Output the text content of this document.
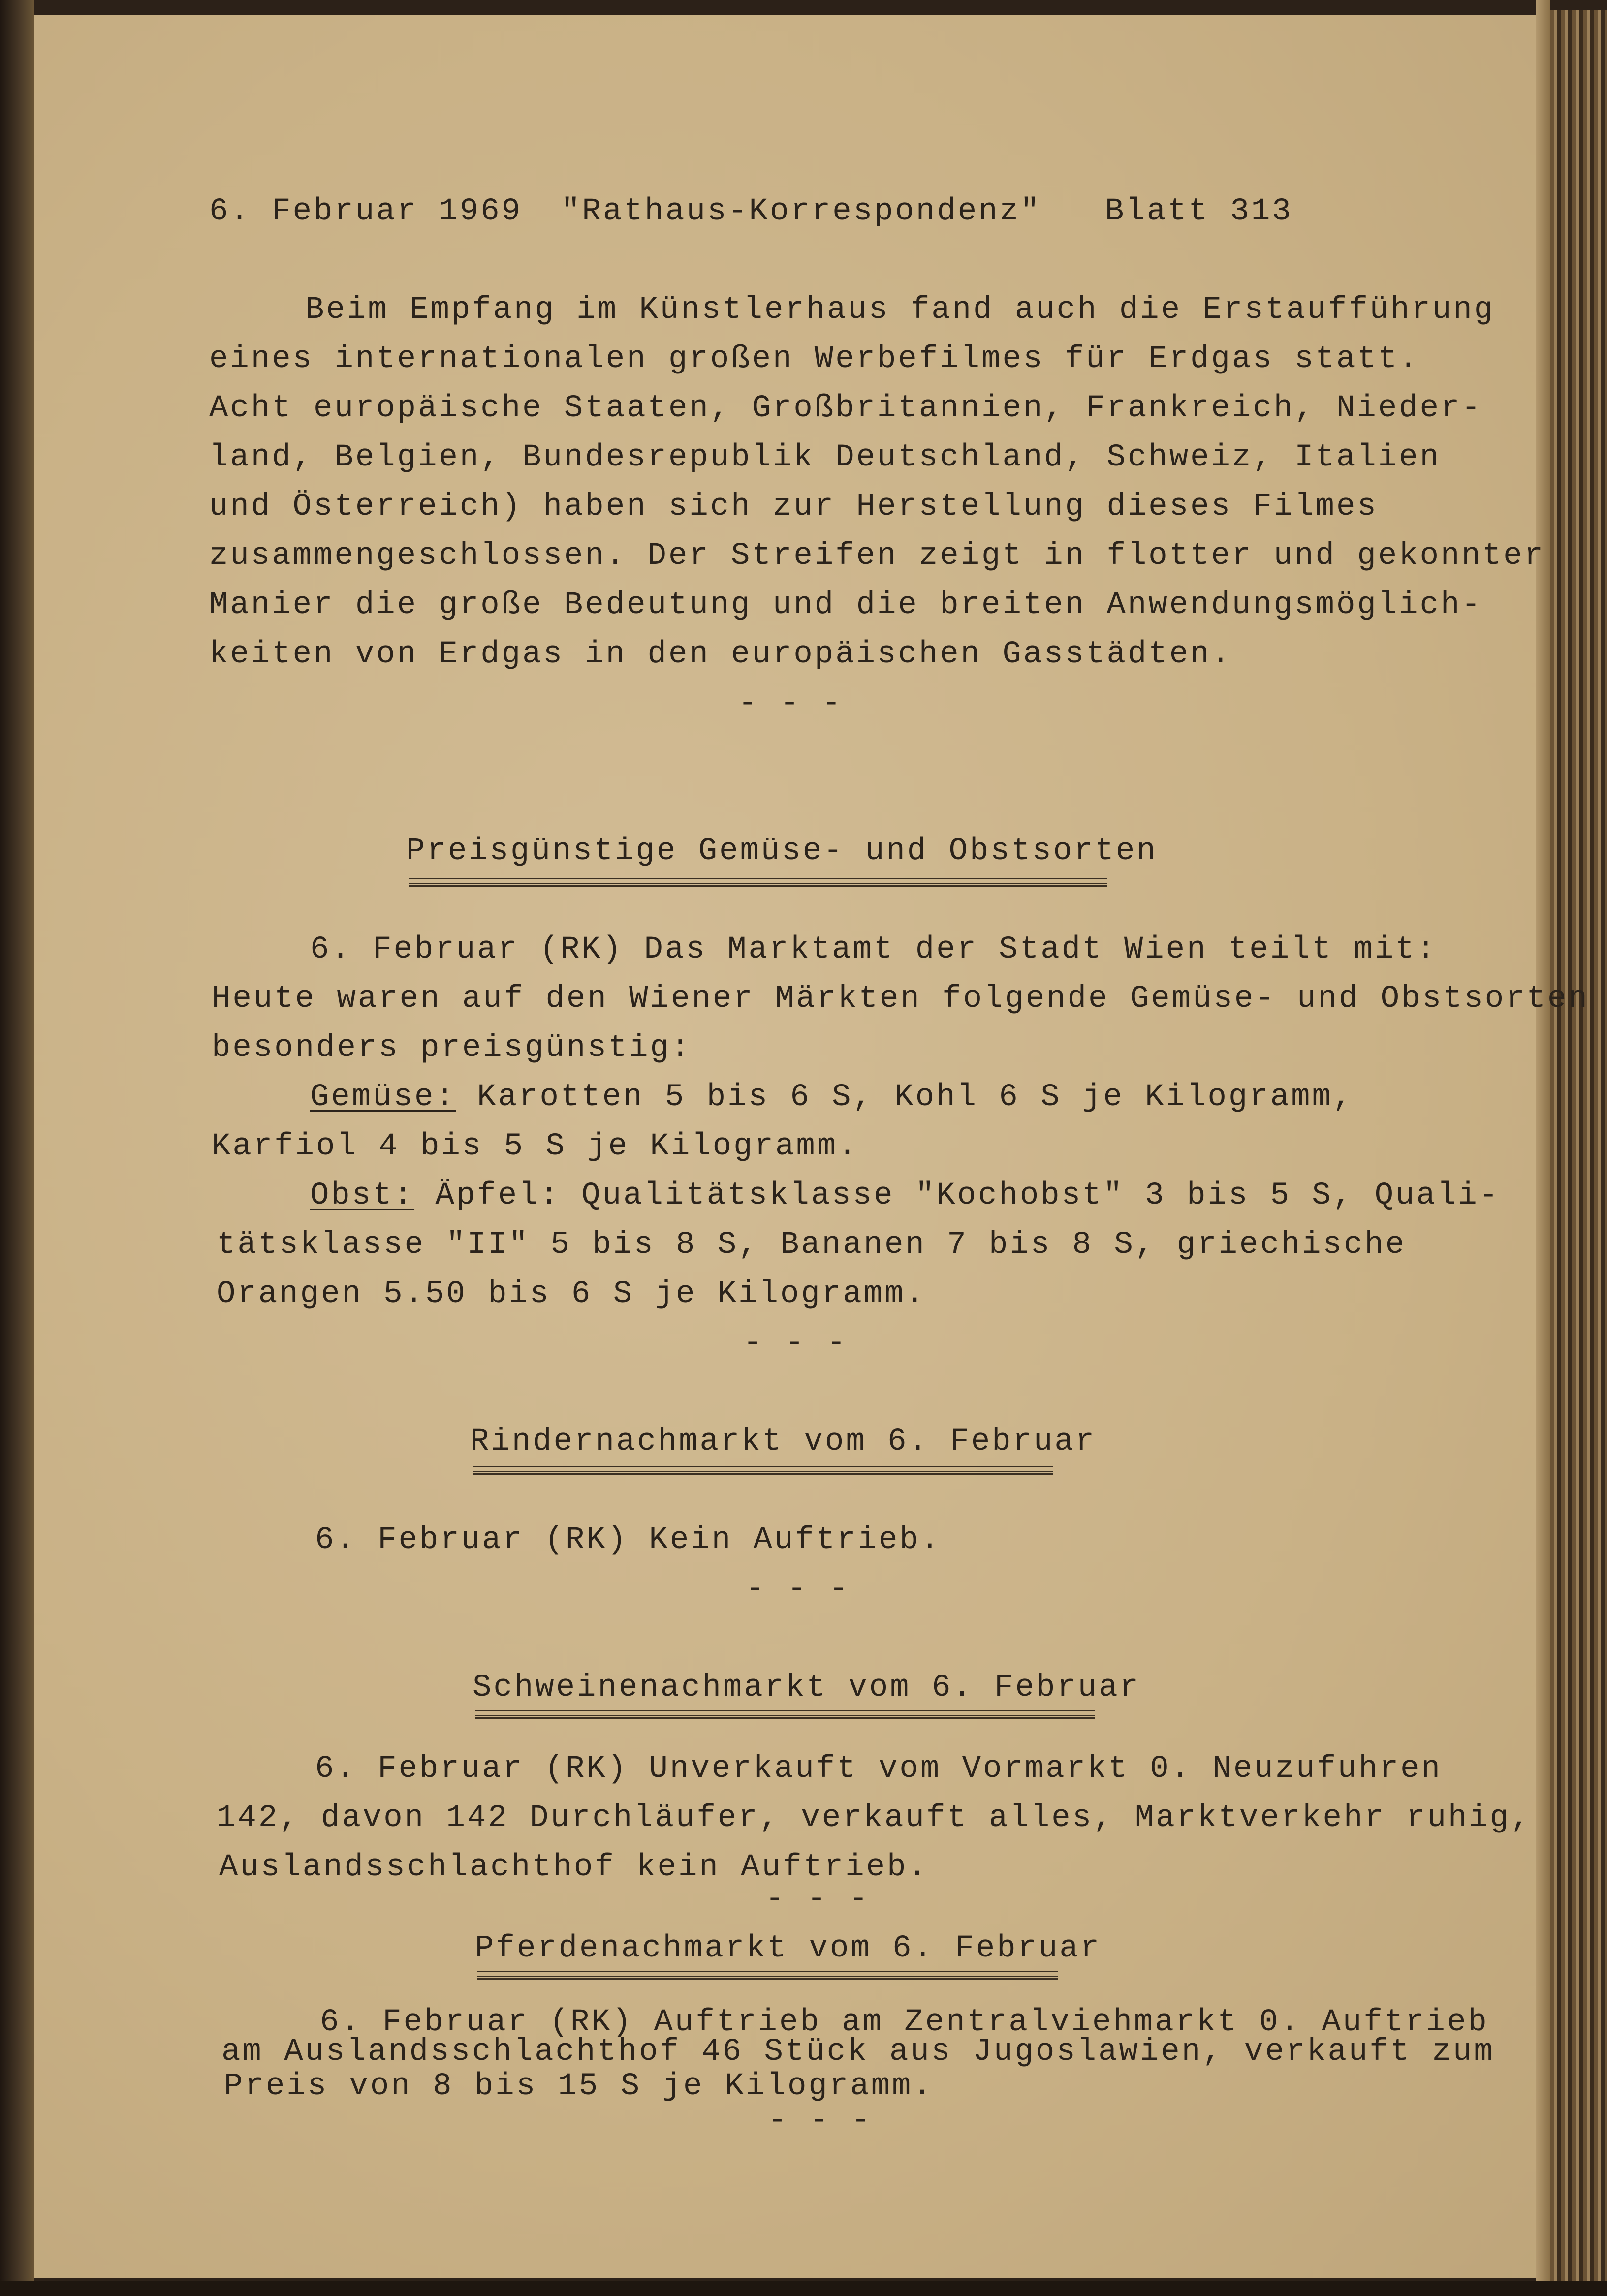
6. Februar 1969 "Rathaus-Korrespondenz" Blatt 313
Beim Empfang im Künstlerhaus fand auch die Erstaufführung
eines internationalen großen Werbefilmes für Erdgas statt.
Acht europäische Staaten, Großbritannien, Frankreich, Nieder-
land, Belgien, Bundesrepublik Deutschland, Schweiz, Italien
und Österreich) haben sich zur Herstellung dieses Filmes
zusammengeschlossen. Der Streifen zeigt in flotter und gekonnter
Manier die große Bedeutung und die breiten Anwendungsmöglich-
keiten von Erdgas in den europäischen Gasstädten.
- - -
Preisgünstige Gemüse- und Obstsorten
6. Februar (RK) Das Marktamt der Stadt Wien teilt mit:
Heute waren auf den Wiener Märkten folgende Gemüse- und Obstsorten
besonders preisgünstig:
Gemüse: Karotten 5 bis 6 S, Kohl 6 S je Kilogramm,
Karfiol 4 bis 5 S je Kilogramm.
Obst: Äpfel: Qualitätsklasse "Kochobst" 3 bis 5 S, Quali-
tätsklasse "II" 5 bis 8 S, Bananen 7 bis 8 S, griechische
Orangen 5.50 bis 6 S je Kilogramm.
- - -
Rindernachmarkt vom 6. Februar
6. Februar (RK) Kein Auftrieb.
- - -
Schweinenachmarkt vom 6. Februar
6. Februar (RK) Unverkauft vom Vormarkt 0. Neuzufuhren
142, davon 142 Durchläufer, verkauft alles, Marktverkehr ruhig,
Auslandsschlachthof kein Auftrieb.
- - -
Pferdenachmarkt vom 6. Februar
6. Februar (RK) Auftrieb am Zentralviehmarkt 0. Auftrieb
am Auslandsschlachthof 46 Stück aus Jugoslawien, verkauft zum
Preis von 8 bis 15 S je Kilogramm.
- - -
